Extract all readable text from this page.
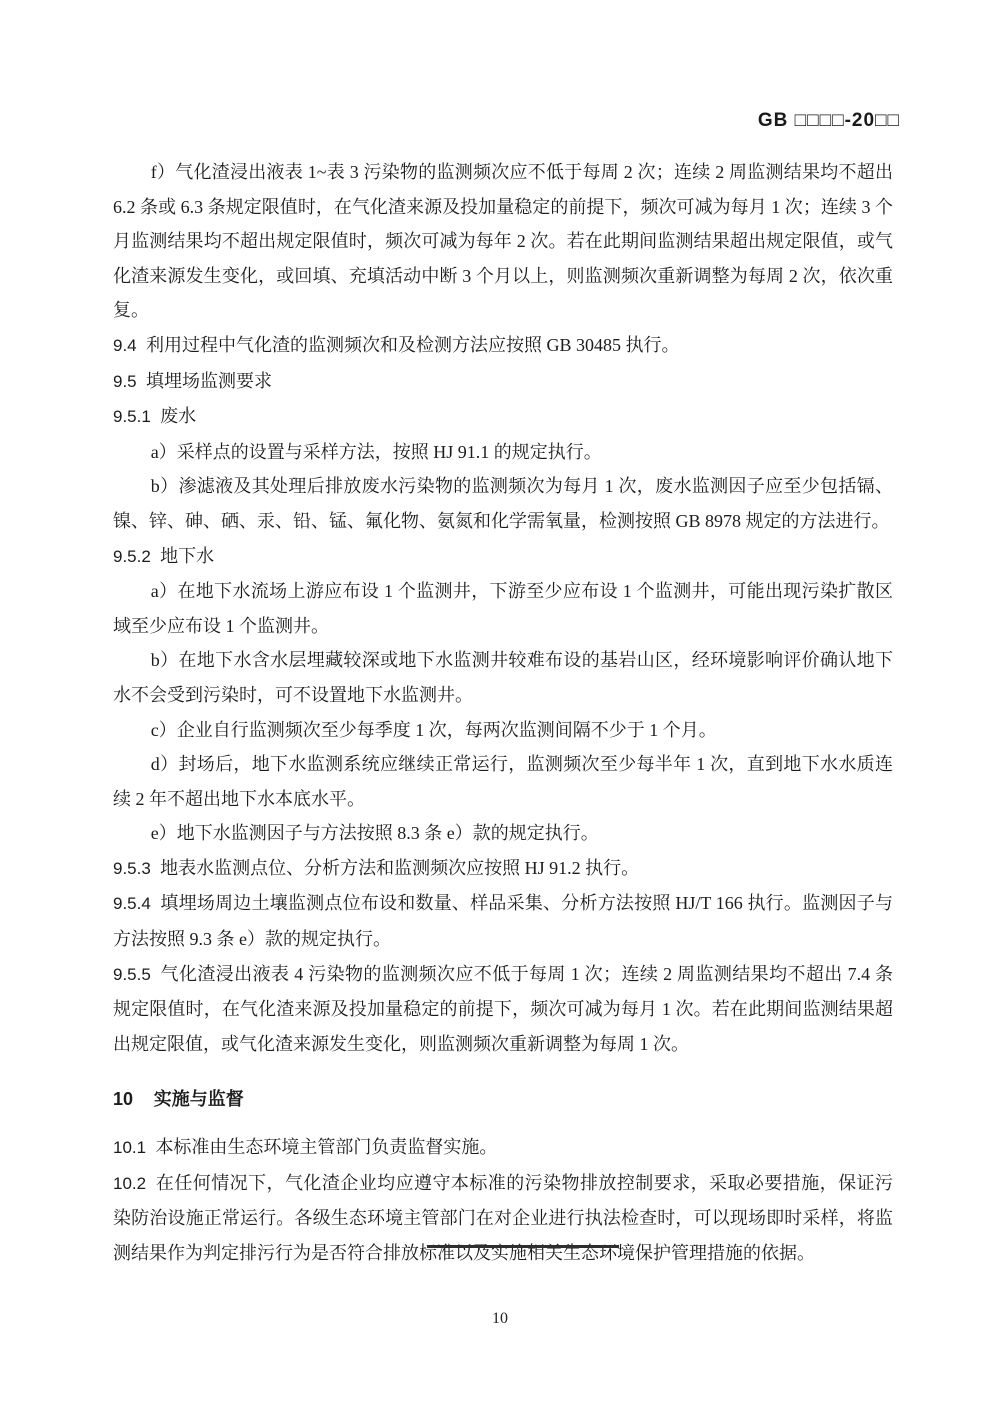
GB □□□□-20□□

f）气化渣浸出液表 1~表 3 污染物的监测频次应不低于每周 2 次；连续 2 周监测结果均不超出 6.2 条或 6.3 条规定限值时，在气化渣来源及投加量稳定的前提下，频次可减为每月 1 次；连续 3 个月监测结果均不超出规定限值时，频次可减为每年 2 次。若在此期间监测结果超出规定限值，或气化渣来源发生变化，或回填、充填活动中断 3 个月以上，则监测频次重新调整为每周 2 次，依次重复。

9.4 利用过程中气化渣的监测频次和及检测方法应按照 GB 30485 执行。

9.5 填埋场监测要求

9.5.1 废水

a）采样点的设置与采样方法，按照 HJ 91.1 的规定执行。

b）渗滤液及其处理后排放废水污染物的监测频次为每月 1 次，废水监测因子应至少包括镉、镍、锌、砷、硒、汞、铅、锰、氟化物、氨氮和化学需氧量，检测按照 GB 8978 规定的方法进行。

9.5.2 地下水

a）在地下水流场上游应布设 1 个监测井，下游至少应布设 1 个监测井，可能出现污染扩散区域至少应布设 1 个监测井。

b）在地下水含水层埋藏较深或地下水监测井较难布设的基岩山区，经环境影响评价确认地下水不会受到污染时，可不设置地下水监测井。

c）企业自行监测频次至少每季度 1 次，每两次监测间隔不少于 1 个月。

d）封场后，地下水监测系统应继续正常运行，监测频次至少每半年 1 次，直到地下水水质连续 2 年不超出地下水本底水平。

e）地下水监测因子与方法按照 8.3 条 e）款的规定执行。

9.5.3 地表水监测点位、分析方法和监测频次应按照 HJ 91.2 执行。

9.5.4 填埋场周边土壤监测点位布设和数量、样品采集、分析方法按照 HJ/T 166 执行。监测因子与方法按照 9.3 条 e）款的规定执行。

9.5.5 气化渣浸出液表 4 污染物的监测频次应不低于每周 1 次；连续 2 周监测结果均不超出 7.4 条规定限值时，在气化渣来源及投加量稳定的前提下，频次可减为每月 1 次。若在此期间监测结果超出规定限值，或气化渣来源发生变化，则监测频次重新调整为每周 1 次。

10 实施与监督

10.1 本标准由生态环境主管部门负责监督实施。

10.2 在任何情况下，气化渣企业均应遵守本标准的污染物排放控制要求，采取必要措施，保证污染防治设施正常运行。各级生态环境主管部门在对企业进行执法检查时，可以现场即时采样，将监测结果作为判定排污行为是否符合排放标准以及实施相关生态环境保护管理措施的依据。

10
